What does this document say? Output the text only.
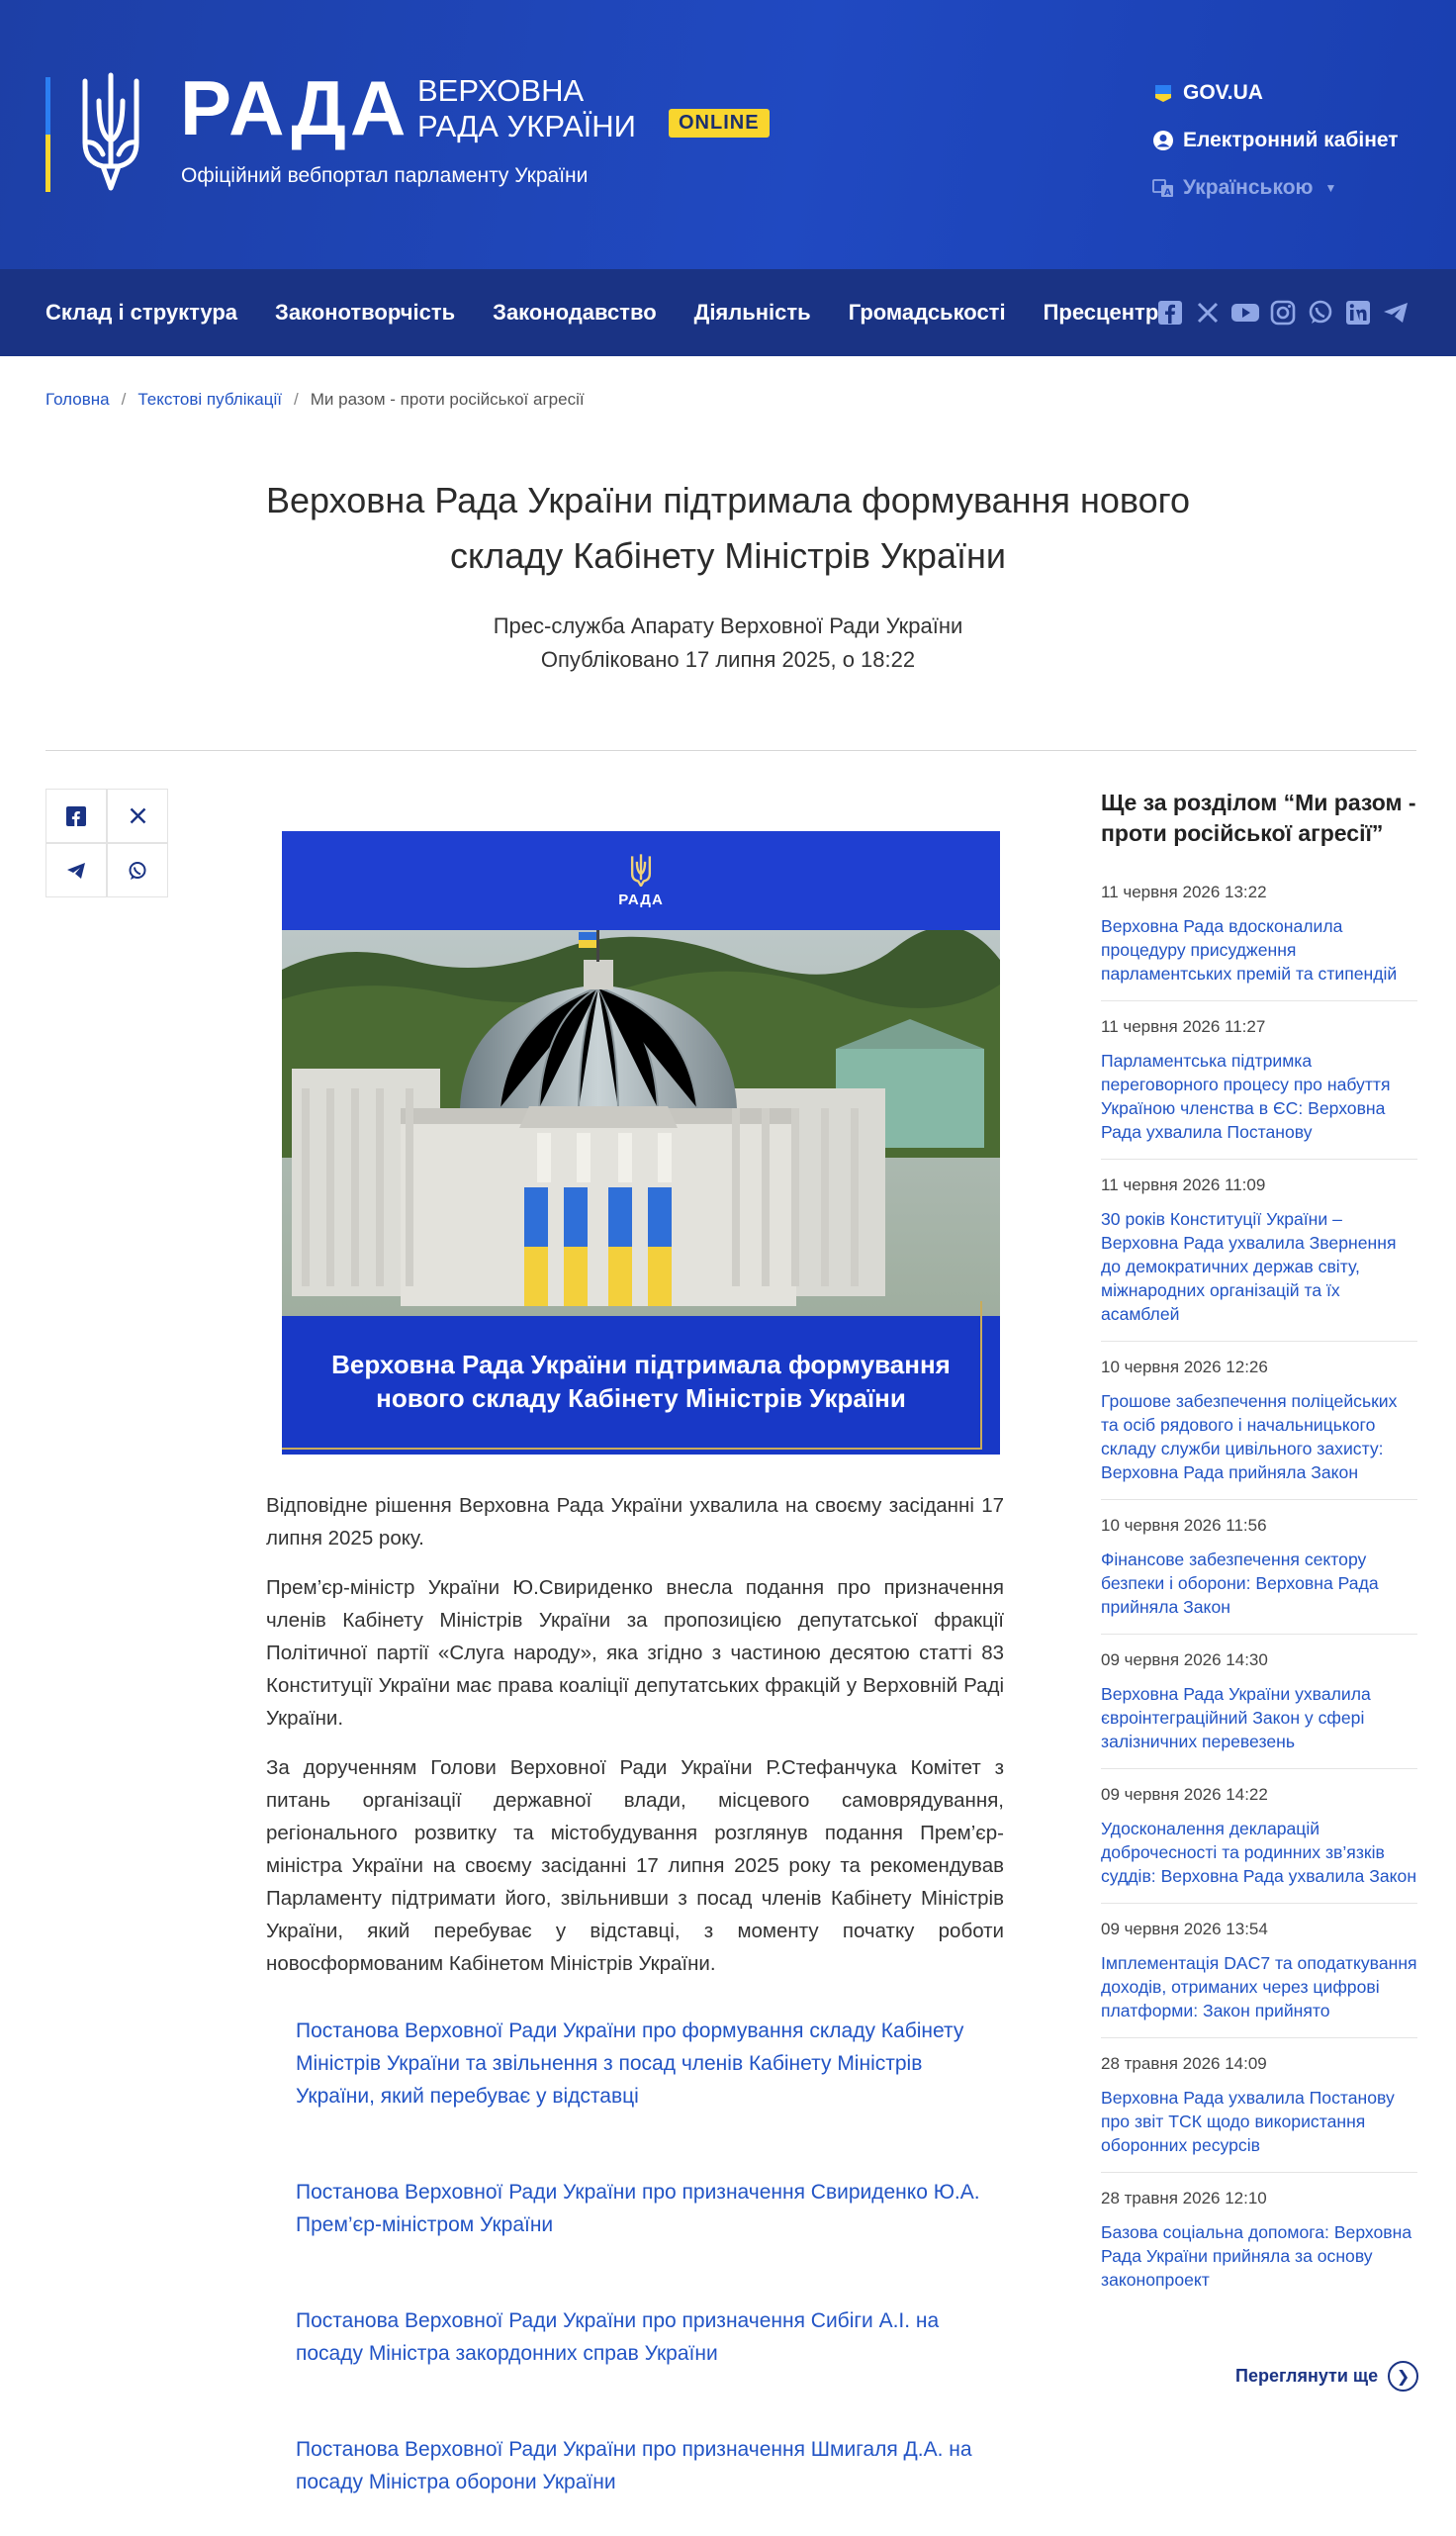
РАДА ВЕРХОВНА
РАДА УКРАЇНИ	ONLINE
Офіційний вебпортал парламенту України
GOV.UA
Електронний кабінет
A Українською ▼
Склад і структура Законотворчість Законодавство Діяльність Громадськості Пресцентр
Головна / Текстові публікації / Ми разом - проти російської агресії
Верховна Рада України підтримала формування нового
складу Кабінету Міністрів України
Прес-служба Апарату Верховної Ради України
Опубліковано 17 липня 2025, о 18:22
РАДА
Верховна Рада України підтримала формування нового складу Кабінету Міністрів України

Відповідне рішення Верховна Рада України ухвалила на своєму засіданні 17 липня 2025 року.

Прем’єр-міністр України Ю.Свириденко внесла подання про призначення членів Кабінету Міністрів України за пропозицією депутатської фракції Політичної партії «Слуга народу», яка згідно з частиною десятою статті 83 Конституції України має права коаліції депутатських фракцій у Верховній Раді України.

За дорученням Голови Верховної Ради України Р.Стефанчука Комітет з питань організації державної влади, місцевого самоврядування, регіонального розвитку та містобудування розглянув подання Прем’єр-міністра України на своєму засіданні 17 липня 2025 року та рекомендував Парламенту підтримати його, звільнивши з посад членів Кабінету Міністрів України, який перебуває у відставці, з моменту початку роботи новосформованим Кабінетом Міністрів України.

Постанова Верховної Ради України про формування складу Кабінету Міністрів України та звільнення з посад членів Кабінету Міністрів України, який перебуває у відставці
Постанова Верховної Ради України про призначення Свириденко Ю.А. Прем’єр-міністром України
Постанова Верховної Ради України про призначення Сибіги А.І. на посаду Міністра закордонних справ України
Постанова Верховної Ради України про призначення Шмигаля Д.А. на посаду Міністра оборони України
Ще за розділом “Ми разом - проти російської агресії”
11 червня 2026 13:22
Верховна Рада вдосконалила процедуру присудження парламентських премій та стипендій
11 червня 2026 11:27
Парламентська підтримка переговорного процесу про набуття Україною членства в ЄС: Верховна Рада ухвалила Постанову
11 червня 2026 11:09
30 років Конституції України – Верховна Рада ухвалила Звернення до демократичних держав світу, міжнародних організацій та їх асамблей
10 червня 2026 12:26
Грошове забезпечення поліцейських та осіб рядового і начальницького складу служби цивільного захисту: Верховна Рада прийняла Закон
10 червня 2026 11:56
Фінансове забезпечення сектору безпеки і оборони: Верховна Рада прийняла Закон
09 червня 2026 14:30
Верховна Рада України ухвалила євроінтеграційний Закон у сфері залізничних перевезень
09 червня 2026 14:22
Удосконалення декларацій доброчесності та родинних зв’язків суддів: Верховна Рада ухвалила Закон
09 червня 2026 13:54
Імплементація DAC7 та оподаткування доходів, отриманих через цифрові платформи: Закон прийнято
28 травня 2026 14:09
Верховна Рада ухвалила Постанову про звіт ТСК щодо використання оборонних ресурсів
28 травня 2026 12:10
Базова соціальна допомога: Верховна Рада України прийняла за основу законопроект
Переглянути ще	❯
